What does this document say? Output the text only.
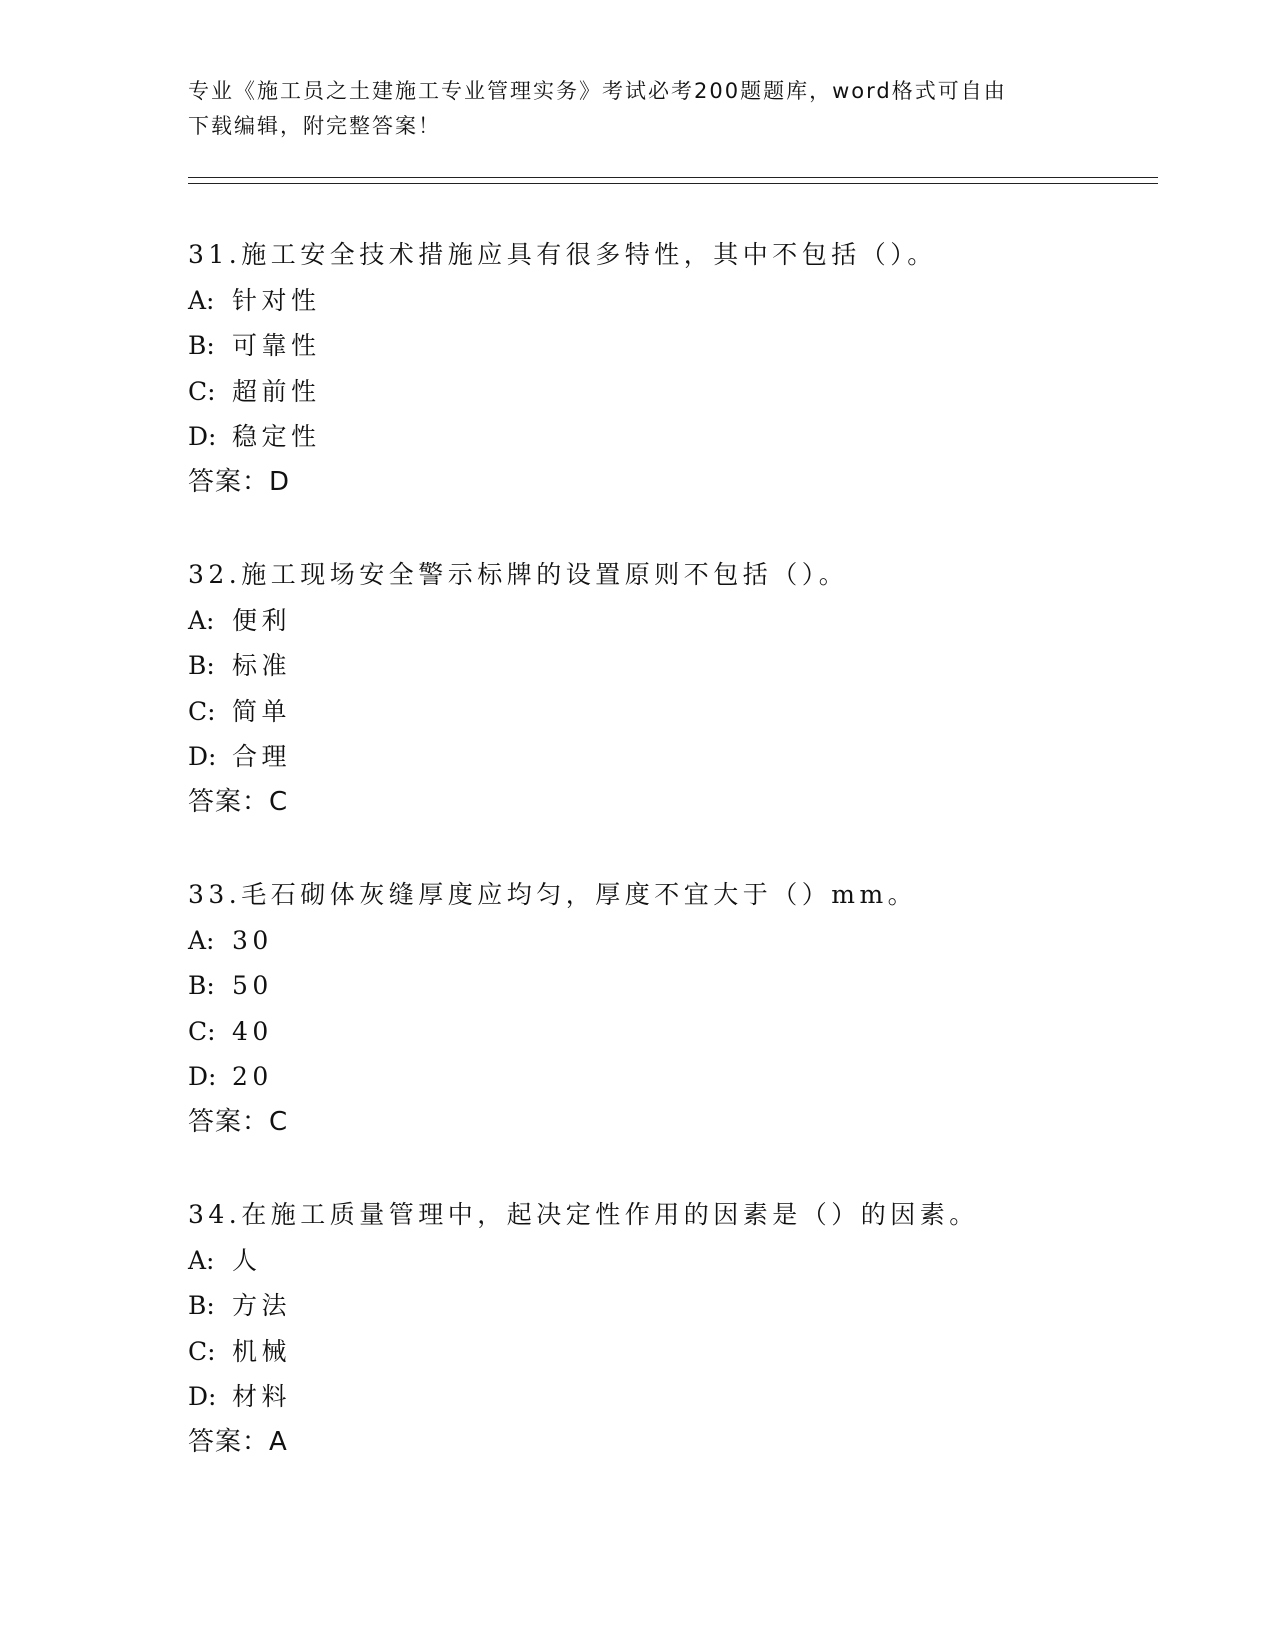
专业《施工员之土建施工专业管理实务》考试必考200题题库，word格式可自由
下载编辑，附完整答案！
31.施工安全技术措施应具有很多特性，其中不包括（）。
A: 针对性
B: 可靠性
C: 超前性
D: 稳定性
答案：D
32.施工现场安全警示标牌的设置原则不包括（）。
A: 便利
B: 标准
C: 简单
D: 合理
答案：C
33.毛石砌体灰缝厚度应均匀，厚度不宜大于（）mm。
A: 30
B: 50
C: 40
D: 20
答案：C
34.在施工质量管理中，起决定性作用的因素是（）的因素。
A: 人
B: 方法
C: 机械
D: 材料
答案：A
